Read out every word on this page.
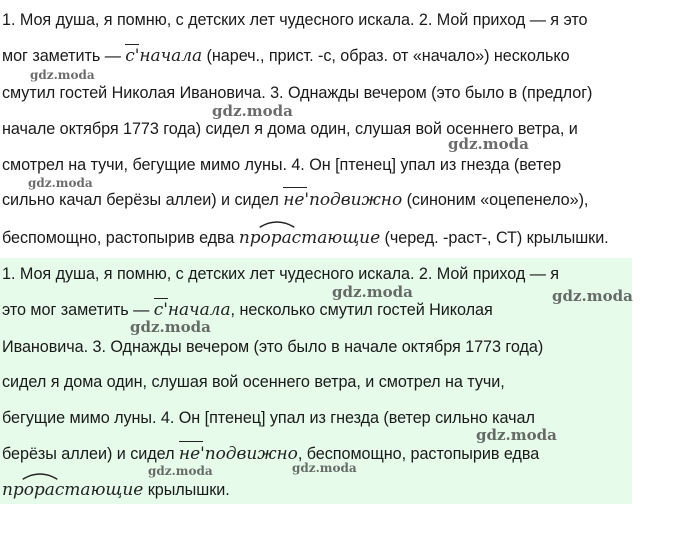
1. Моя душа, я помню, с детских лет чудесного искала. 2. Мой приход — я это
мог заметить — с'начала
(нареч., прист. -с, образ. от «начало») несколько
смутил гостей Николая Ивановича. 3. Однажды вечером (это было в (предлог)
начале октября 1773 года) сидел я дома один, слушая вой осеннего ветра, и
смотрел на тучи, бегущие мимо луны. 4. Он [птенец] упал из гнезда (ветер
сильно качал берёзы аллеи) и сидел не'подвижно
(синоним «оцепенело»),
беспомощно, растопырив едва прорастающие
(черед. -раст-, СТ) крылышки.
1. Моя душа, я помню, с детских лет чудесного искала. 2. Мой приход — я
это мог заметить — с'начала
, несколько смутил гостей Николая
Ивановича. 3. Однажды вечером (это было в начале октября 1773 года)
сидел я дома один, слушая вой осеннего ветра, и смотрел на тучи,
бегущие мимо луны. 4. Он [птенец] упал из гнезда (ветер сильно качал
берёзы аллеи) и сидел не'подвижно
, беспомощно, растопырив едва
прорастающие
крылышки.
gdz.moda
gdz.moda
gdz.moda
gdz.moda
gdz.moda	gdz.moda
gdz.moda
gdz.moda
gdz.moda	gdz.moda
